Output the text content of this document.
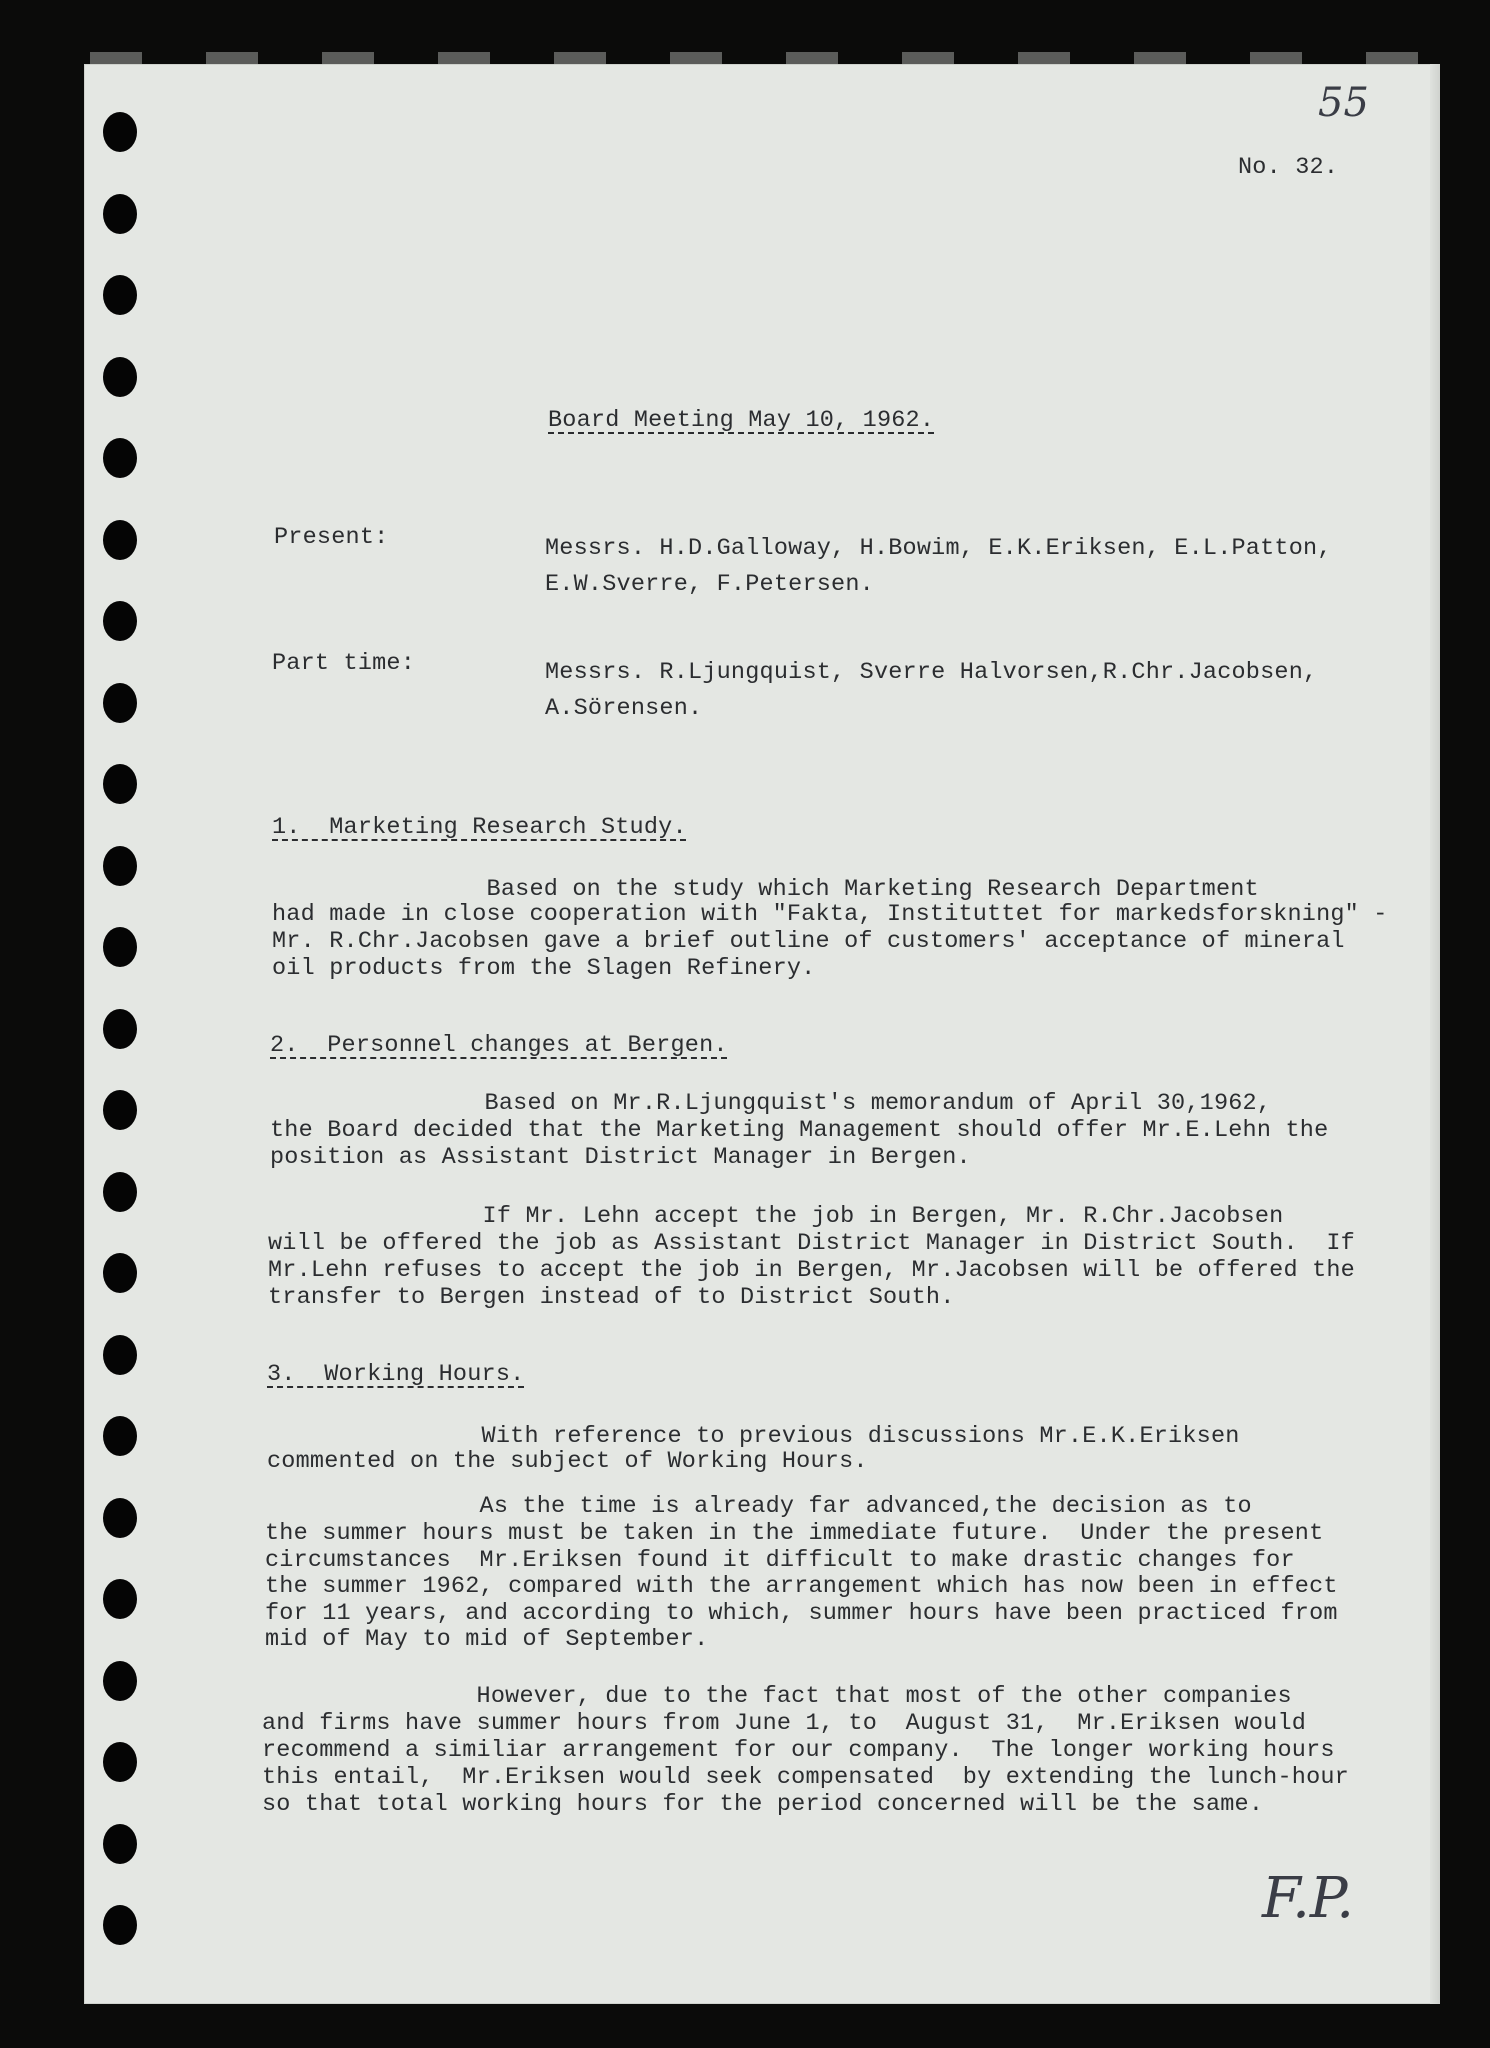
55
No. 32.
Board Meeting May 10, 1962.
Present:	Messrs. H.D.Galloway, H.Bowim, E.K.Eriksen, E.L.Patton,
E.W.Sverre, F.Petersen.
Part time:	Messrs. R.Ljungquist, Sverre Halvorsen,R.Chr.Jacobsen,
A.Sörensen.
1.  Marketing Research Study.
Based on the study which Marketing Research Department
had made in close cooperation with "Fakta, Instituttet for markedsforskning" -
Mr. R.Chr.Jacobsen gave a brief outline of customers' acceptance of mineral
oil products from the Slagen Refinery.
2.  Personnel changes at Bergen.
Based on Mr.R.Ljungquist's memorandum of April 30,1962,
the Board decided that the Marketing Management should offer Mr.E.Lehn the
position as Assistant District Manager in Bergen.
If Mr. Lehn accept the job in Bergen, Mr. R.Chr.Jacobsen
will be offered the job as Assistant District Manager in District South.  If
Mr.Lehn refuses to accept the job in Bergen, Mr.Jacobsen will be offered the
transfer to Bergen instead of to District South.
3.  Working Hours.
With reference to previous discussions Mr.E.K.Eriksen
commented on the subject of Working Hours.
As the time is already far advanced,the decision as to
the summer hours must be taken in the immediate future.  Under the present
circumstances  Mr.Eriksen found it difficult to make drastic changes for
the summer 1962, compared with the arrangement which has now been in effect
for 11 years, and according to which, summer hours have been practiced from
mid of May to mid of September.
However, due to the fact that most of the other companies
and firms have summer hours from June 1, to  August 31,  Mr.Eriksen would
recommend a similiar arrangement for our company.  The longer working hours
this entail,  Mr.Eriksen would seek compensated  by extending the lunch-hour
so that total working hours for the period concerned will be the same.
F.P.
